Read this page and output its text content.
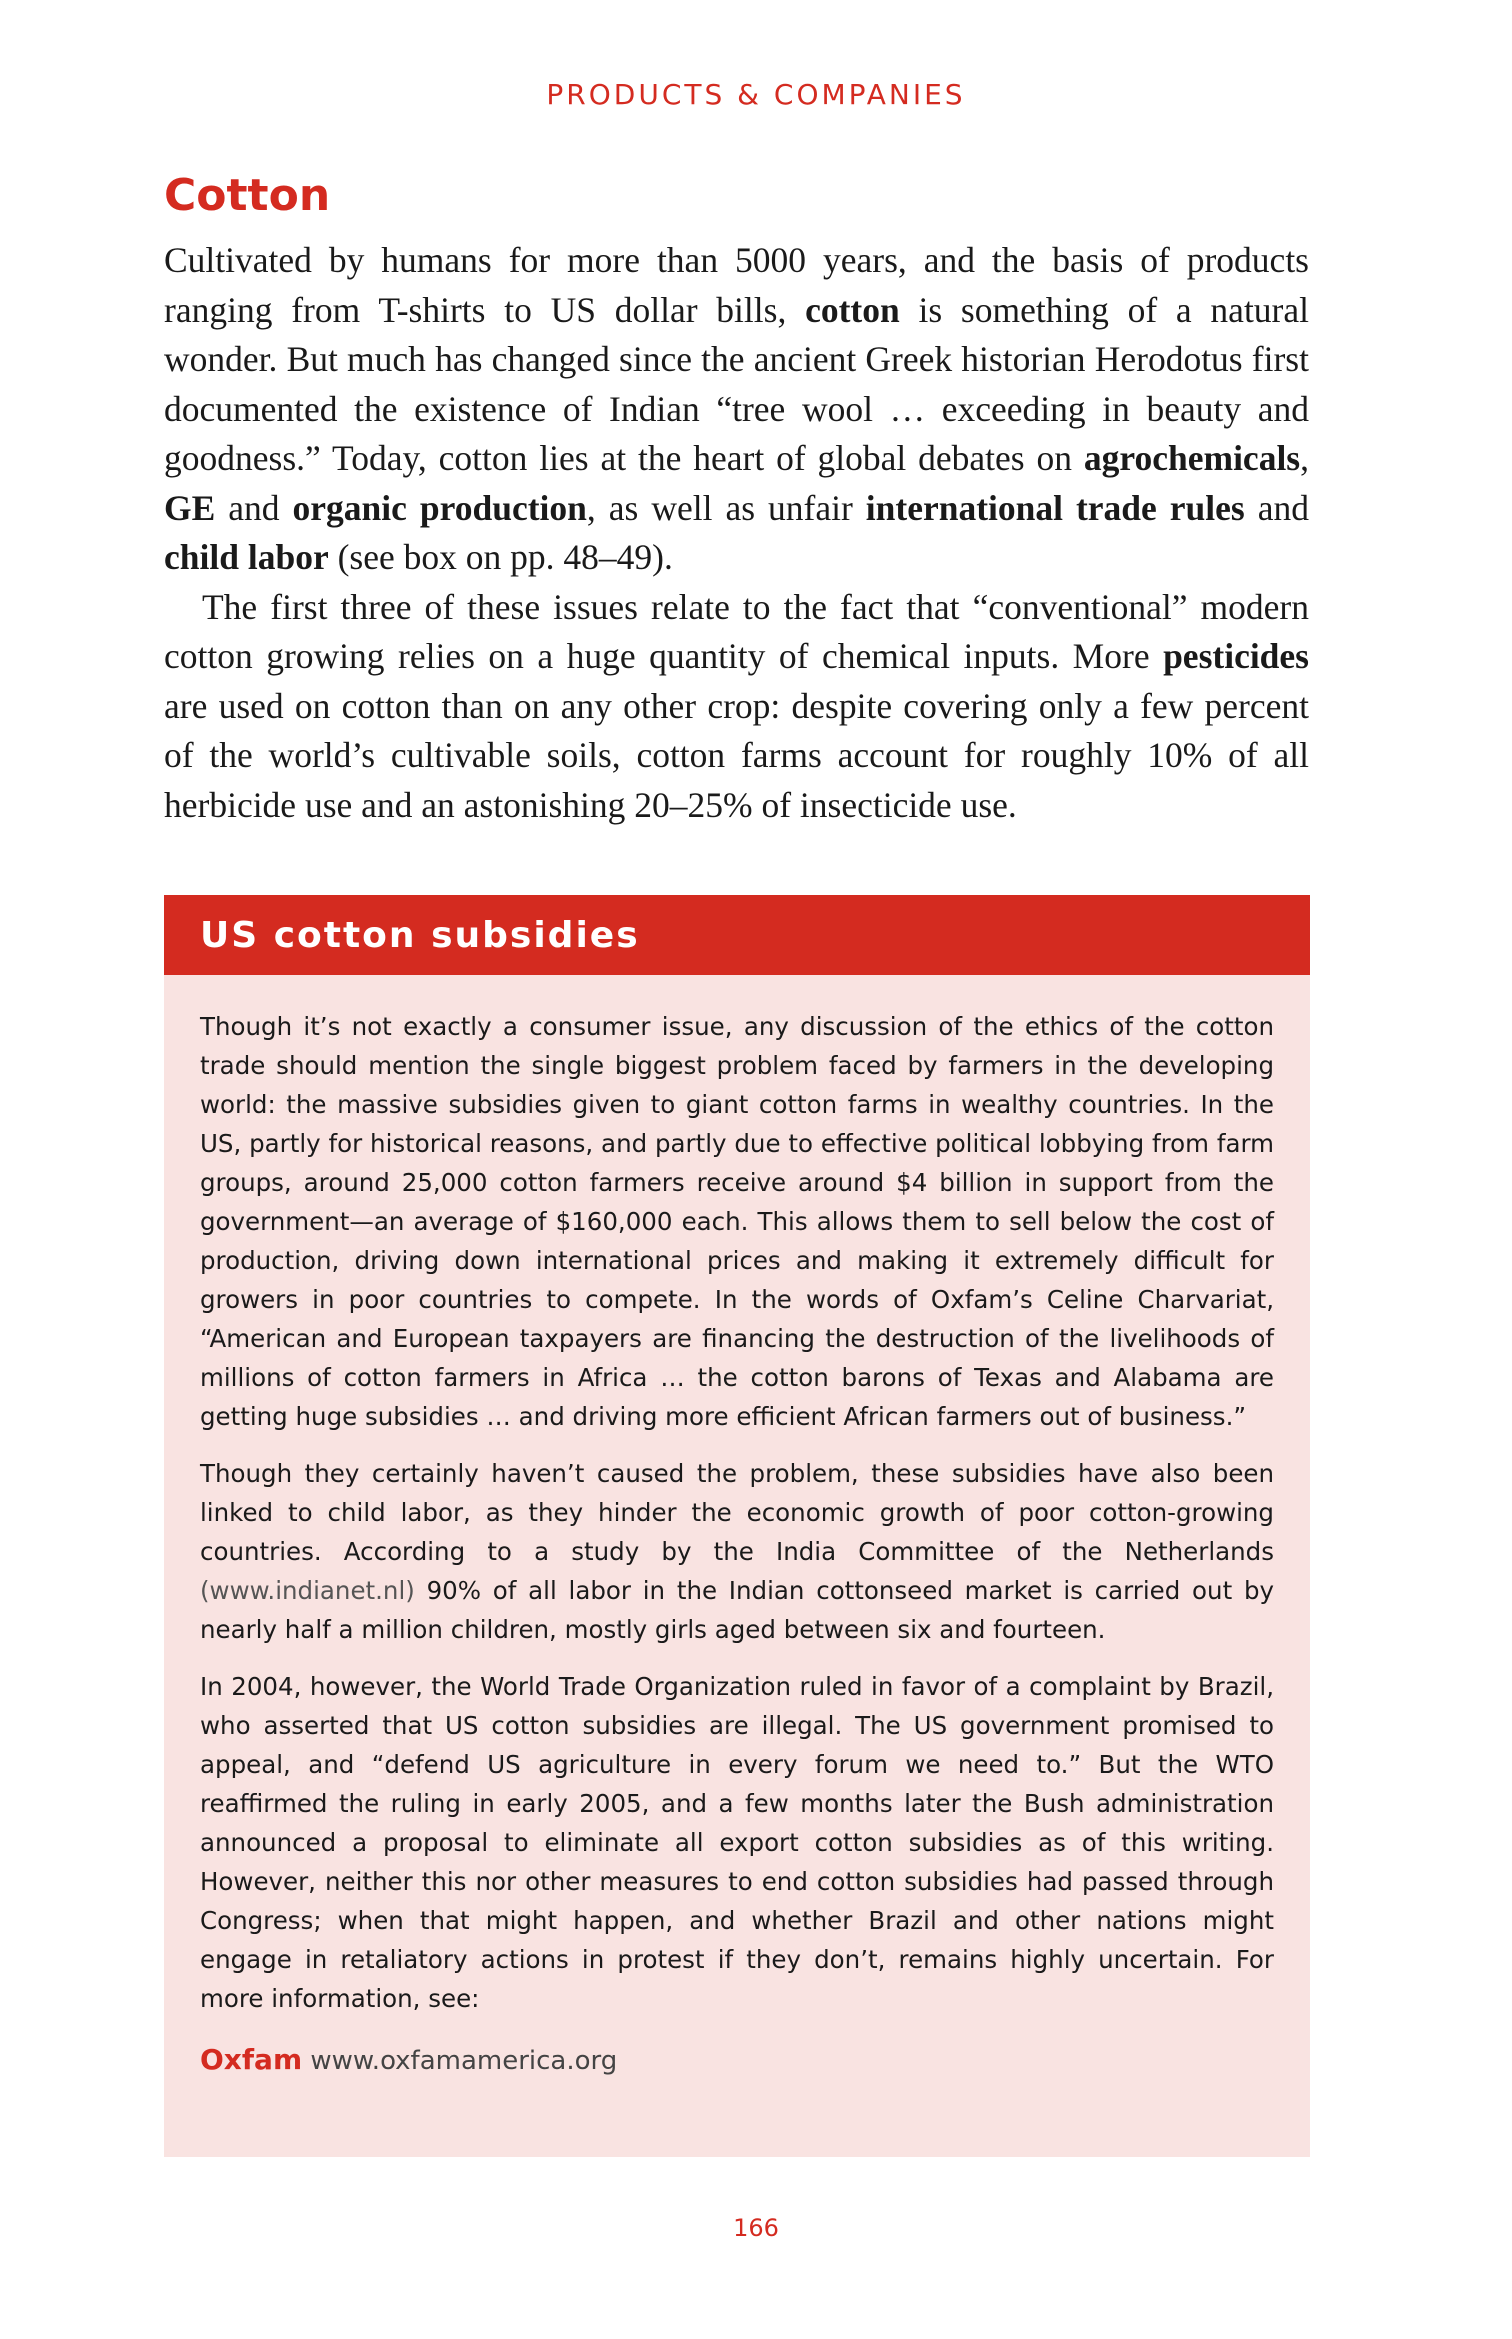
PRODUCTS & COMPANIES
Cotton

Cultivated by humans for more than 5000 years, and the basis of products ranging from T-shirts to US dollar bills, cotton is something of a natural wonder. But much has changed since the ancient Greek historian Herodotus first documented the existence of Indian “tree wool … exceeding in beauty and goodness.” Today, cotton lies at the heart of global debates on agrochemicals, GE and organic production, as well as unfair international trade rules and child labor (see box on pp. 48–49).

The first three of these issues relate to the fact that “conventional” modern cotton growing relies on a huge quantity of chemical inputs. More pesticides are used on cotton than on any other crop: despite covering only a few percent of the world’s cultivable soils, cotton farms account for roughly 10% of all herbicide use and an astonishing 20–25% of insecticide use.

US cotton subsidies

Though it’s not exactly a consumer issue, any discussion of the ethics of the cotton trade should mention the single biggest problem faced by farmers in the developing world: the massive subsidies given to giant cotton farms in wealthy countries. In the US, partly for historical reasons, and partly due to effective political lobbying from farm groups, around 25,000 cotton farmers receive around $4 billion in support from the government—an average of $160,000 each. This allows them to sell below the cost of production, driving down international prices and making it extremely difficult for growers in poor countries to compete. In the words of Oxfam’s Celine Charvariat, “American and European taxpayers are financing the destruction of the livelihoods of millions of cotton farmers in Africa … the cotton barons of Texas and Alabama are getting huge subsidies … and driving more efficient African farmers out of business.”

Though they certainly haven’t caused the problem, these subsidies have also been linked to child labor, as they hinder the economic growth of poor cotton-growing countries. According to a study by the India Committee of the Netherlands (www.indianet.nl) 90% of all labor in the Indian cottonseed market is carried out by nearly half a million children, mostly girls aged between six and fourteen.

In 2004, however, the World Trade Organization ruled in favor of a complaint by Brazil, who asserted that US cotton subsidies are illegal. The US government promised to appeal, and “defend US agriculture in every forum we need to.” But the WTO reaffirmed the ruling in early 2005, and a few months later the Bush administration announced a proposal to eliminate all export cotton subsidies as of this writing. However, neither this nor other measures to end cotton subsidies had passed through Congress; when that might happen, and whether Brazil and other nations might engage in retaliatory actions in protest if they don’t, remains highly uncertain. For more information, see:

Oxfam www.oxfamamerica.org
166
